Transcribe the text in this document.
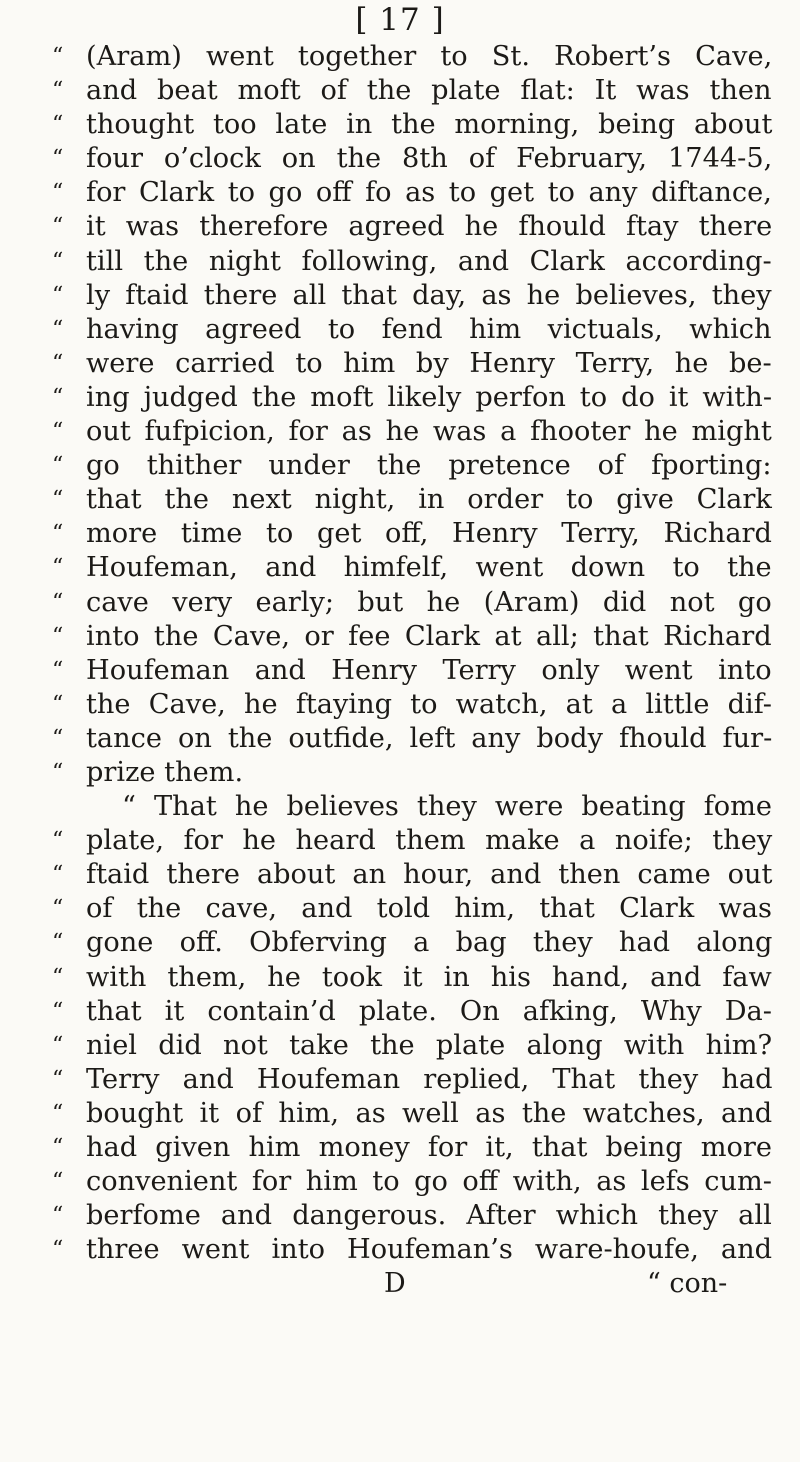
[ 17 ]
“ (Aram) went together to St. Robert’s Cave,
“ and beat moft of the plate flat: It was then
“ thought too late in the morning, being about
“ four o’clock on the 8th of February, 1744-5,
“ for Clark to go off fo as to get to any diftance,
“ it was therefore agreed he fhould ftay there
“ till the night following, and Clark according-
“ ly ftaid there all that day, as he believes, they
“ having agreed to fend him victuals, which
“ were carried to him by Henry Terry, he be-
“ ing judged the moft likely perfon to do it with-
“ out fufpicion, for as he was a fhooter he might
“ go thither under the pretence of fporting:
“ that the next night, in order to give Clark
“ more time to get off, Henry Terry, Richard
“ Houfeman, and himfelf, went down to the
“ cave very early; but he (Aram) did not go
“ into the Cave, or fee Clark at all; that Richard
“ Houfeman and Henry Terry only went into
“ the Cave, he ftaying to watch, at a little dif-
“ tance on the outfide, left any body fhould fur-
“ prize them.
“ That he believes they were beating fome
“ plate, for he heard them make a noife; they
“ ftaid there about an hour, and then came out
“ of the cave, and told him, that Clark was
“ gone off. Obferving a bag they had along
“ with them, he took it in his hand, and faw
“ that it contain’d plate. On afking, Why Da-
“ niel did not take the plate along with him?
“ Terry and Houfeman replied, That they had
“ bought it of him, as well as the watches, and
“ had given him money for it, that being more
“ convenient for him to go off with, as lefs cum-
“ berfome and dangerous. After which they all
“ three went into Houfeman’s ware-houfe, and
D	“ con-
